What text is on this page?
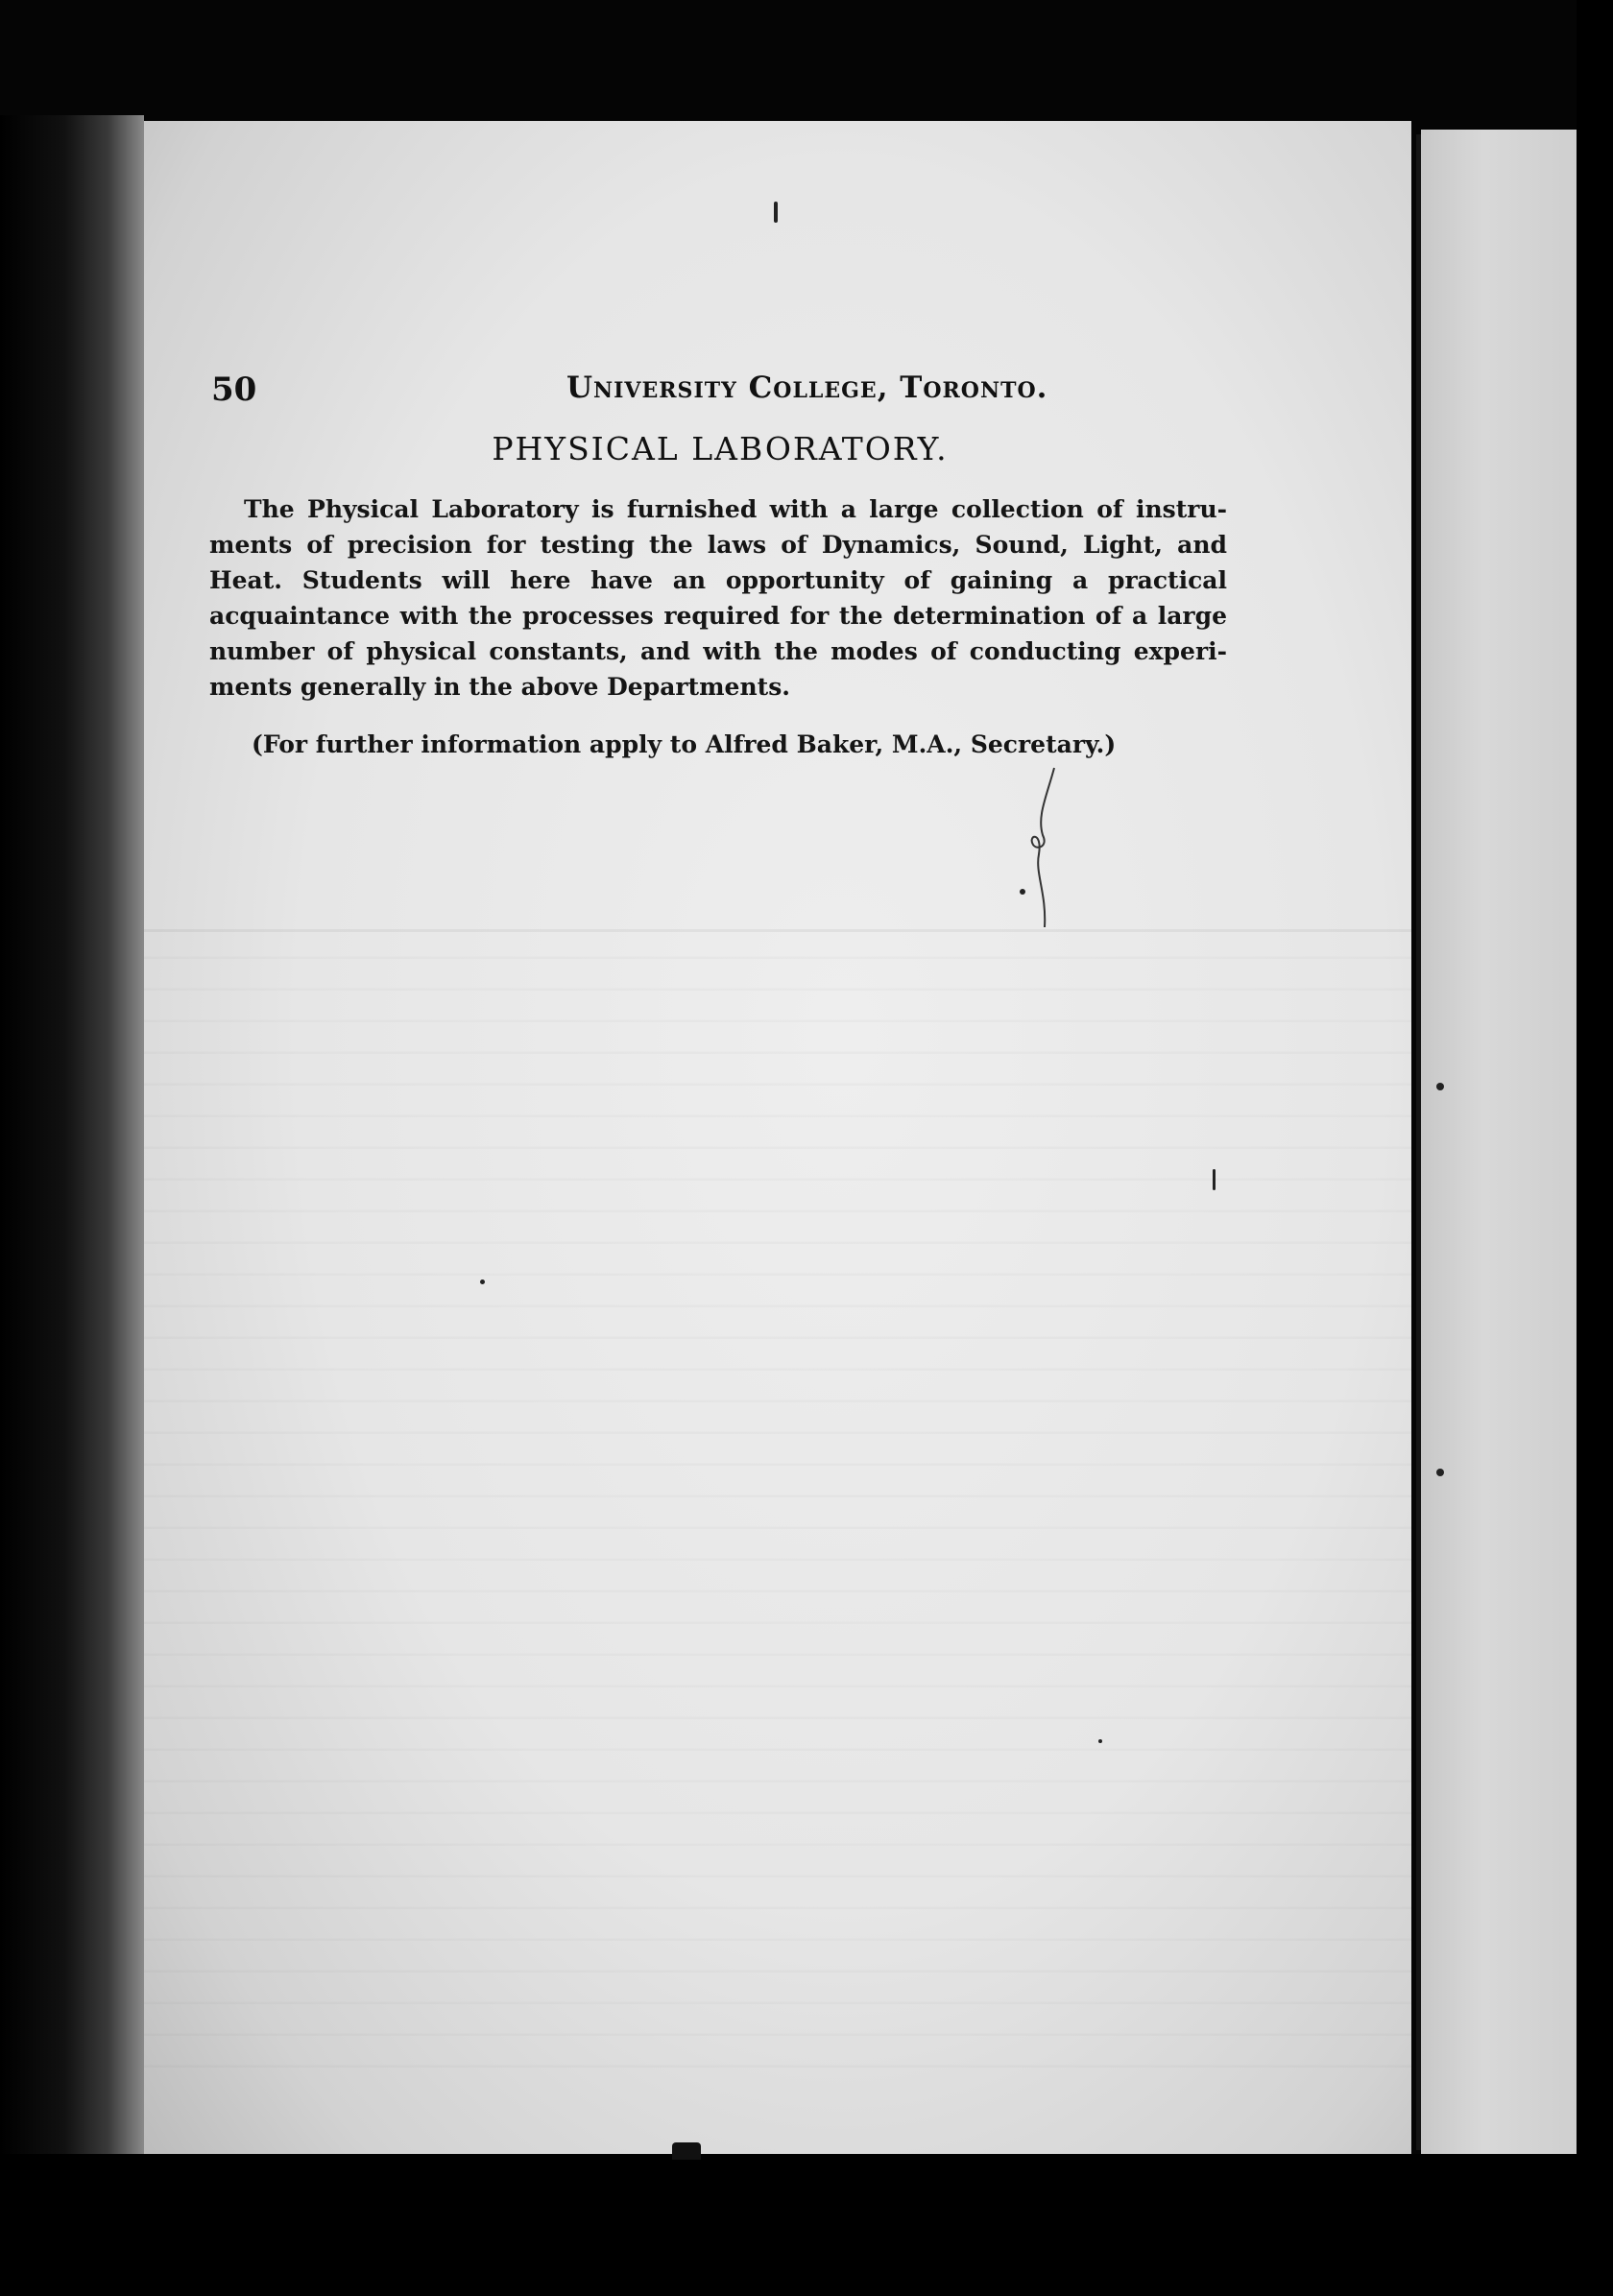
50	University College, Toronto.
PHYSICAL LABORATORY.
The Physical Laboratory is furnished with a large collection of instru-
ments of precision for testing the laws of Dynamics, Sound, Light, and
Heat. Students will here have an opportunity of gaining a practical
acquaintance with the processes required for the determination of a large
number of physical constants, and with the modes of conducting experi-
ments generally in the above Departments.
(For further information apply to Alfred Baker, M.A., Secretary.)
